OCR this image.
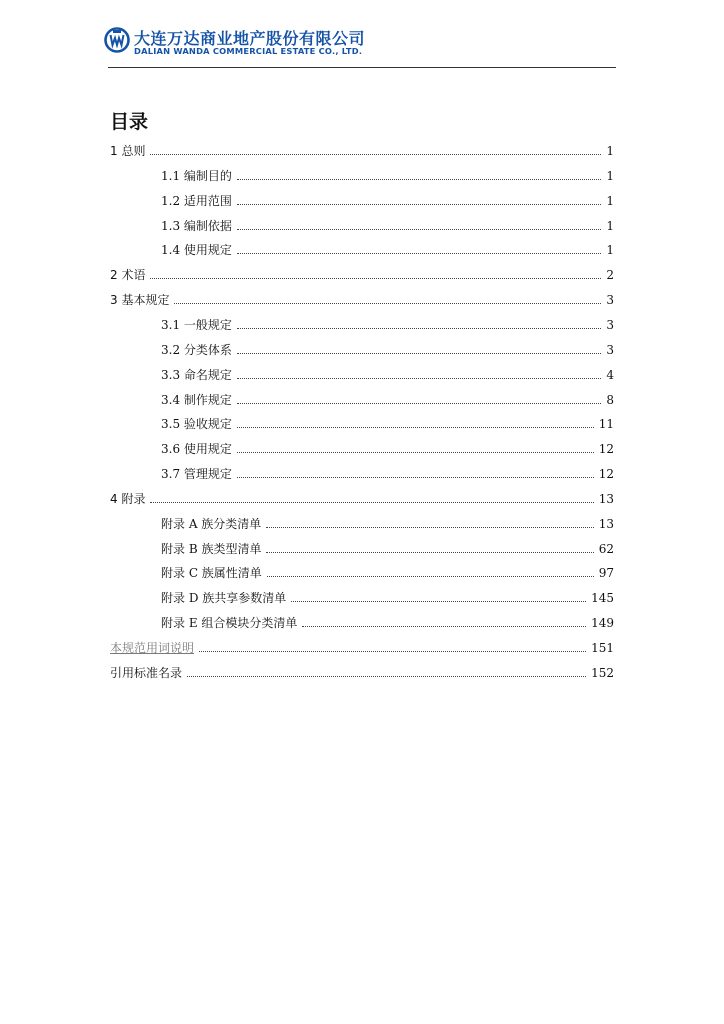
大连万达商业地产股份有限公司
DALIAN WANDA COMMERCIAL ESTATE CO., LTD.
目录
1 总则	1
1.1 编制目的	1
1.2 适用范围	1
1.3 编制依据	1
1.4 使用规定	1
2 术语	2
3 基本规定	3
3.1 一般规定	3
3.2 分类体系	3
3.3 命名规定	4
3.4 制作规定	8
3.5 验收规定	11
3.6 使用规定	12
3.7 管理规定	12
4 附录	13
附录 A 族分类清单	13
附录 B 族类型清单	62
附录 C 族属性清单	97
附录 D 族共享参数清单	145
附录 E 组合模块分类清单	149
本规范用词说明	151
引用标准名录	152
